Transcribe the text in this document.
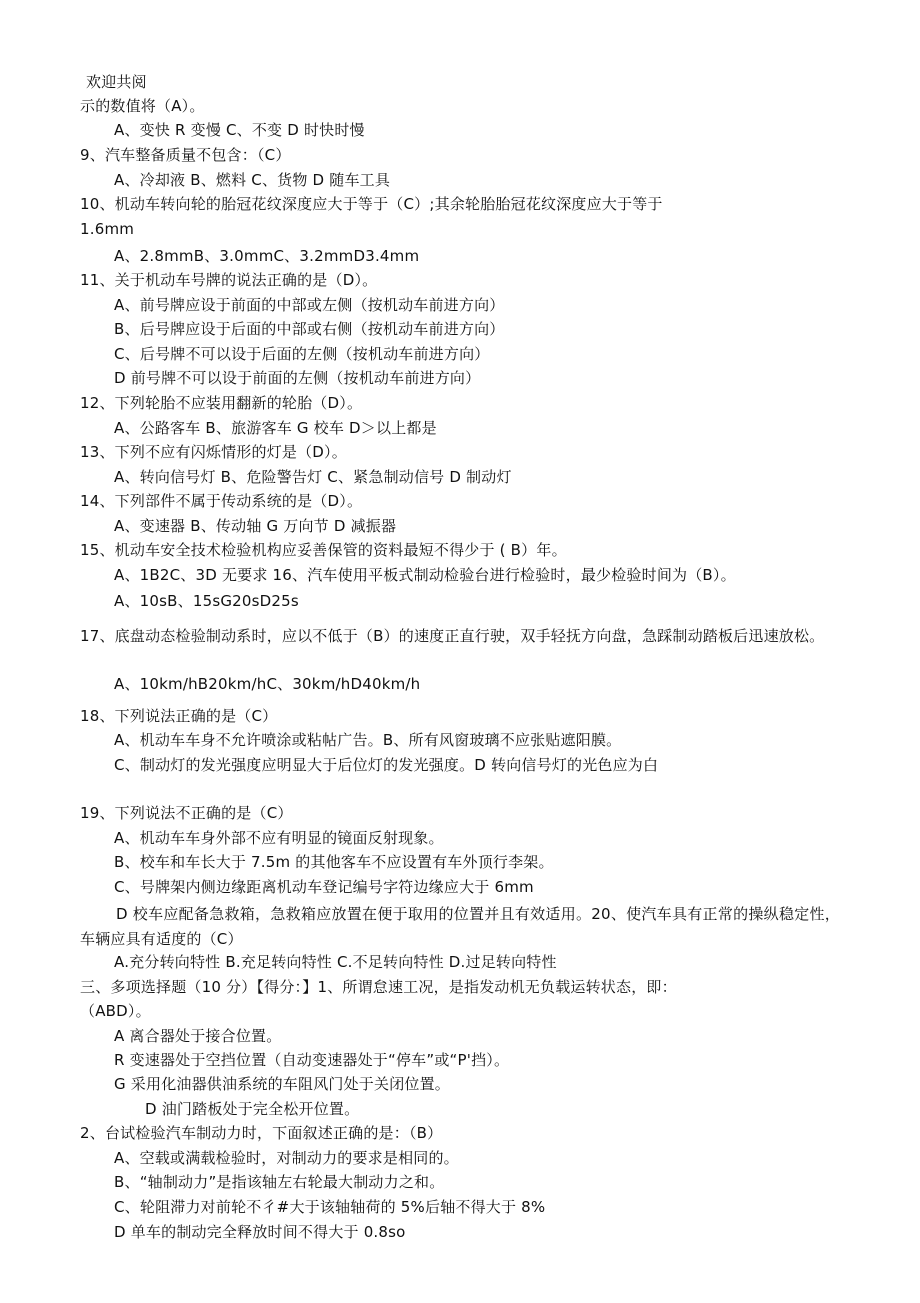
欢迎共阅
示的数值将（A）。
A、变快 R 变慢 C、不变 D 时快时慢
9、汽车整备质量不包含：（C）
A、冷却液 B、燃料 C、货物 D 随车工具
10、机动车转向轮的胎冠花纹深度应大于等于（C）;其余轮胎胎冠花纹深度应大于等于
1.6mm
A、2.8mmB、3.0mmC、3.2mmD3.4mm
11、关于机动车号牌的说法正确的是（D）。
A、前号牌应设于前面的中部或左侧（按机动车前进方向）
B、后号牌应设于后面的中部或右侧（按机动车前进方向）
C、后号牌不可以设于后面的左侧（按机动车前进方向）
D 前号牌不可以设于前面的左侧（按机动车前进方向）
12、下列轮胎不应装用翻新的轮胎（D）。
A、公路客车 B、旅游客车 G 校车 D＞以上都是
13、下列不应有闪烁情形的灯是（D）。
A、转向信号灯 B、危险警告灯 C、紧急制动信号 D 制动灯
14、下列部件不属于传动系统的是（D）。
A、变速器 B、传动轴 G 万向节 D 减振器
15、机动车安全技术检验机构应妥善保管的资料最短不得少于 ( B）年。
A、1B2C、3D 无要求 16、汽车使用平板式制动检验台进行检验时，最少检验时间为（B）。
A、10sB、15sG20sD25s
17、底盘动态检验制动系时，应以不低于（B）的速度正直行驶，双手轻抚方向盘，急踩制动踏板后迅速放松。
A、10km/hB20km/hC、30km/hD40km/h
18、下列说法正确的是（C）
A、机动车车身不允许喷涂或粘帖广告。B、所有风窗玻璃不应张贴遮阳膜。
C、制动灯的发光强度应明显大于后位灯的发光强度。D 转向信号灯的光色应为白
19、下列说法不正确的是（C）
A、机动车车身外部不应有明显的镜面反射现象。
B、校车和车长大于 7.5m 的其他客车不应设置有车外顶行李架。
C、号牌架内侧边缘距离机动车登记编号字符边缘应大于 6mm
D 校车应配备急救箱，急救箱应放置在便于取用的位置并且有效适用。20、使汽车具有正常的操纵稳定性，车辆应具有适度的（C）
A.充分转向特性 B.充足转向特性 C.不足转向特性 D.过足转向特性
三、多项选择题（10 分）【得分：】1、所谓怠速工况，是指发动机无负载运转状态，即：
（ABD）。
A 离合器处于接合位置。
R 变速器处于空挡位置（自动变速器处于“停车”或“P'挡）。
G 采用化油器供油系统的车阻风门处于关闭位置。
D 油门踏板处于完全松开位置。
2、台试检验汽车制动力时，下面叙述正确的是：（B）
A、空载或满载检验时，对制动力的要求是相同的。
B、“轴制动力”是指该轴左右轮最大制动力之和。
C、轮阻滞力对前轮不彳#大于该轴轴荷的 5%后轴不得大于 8%
D 单车的制动完全释放时间不得大于 0.8so
